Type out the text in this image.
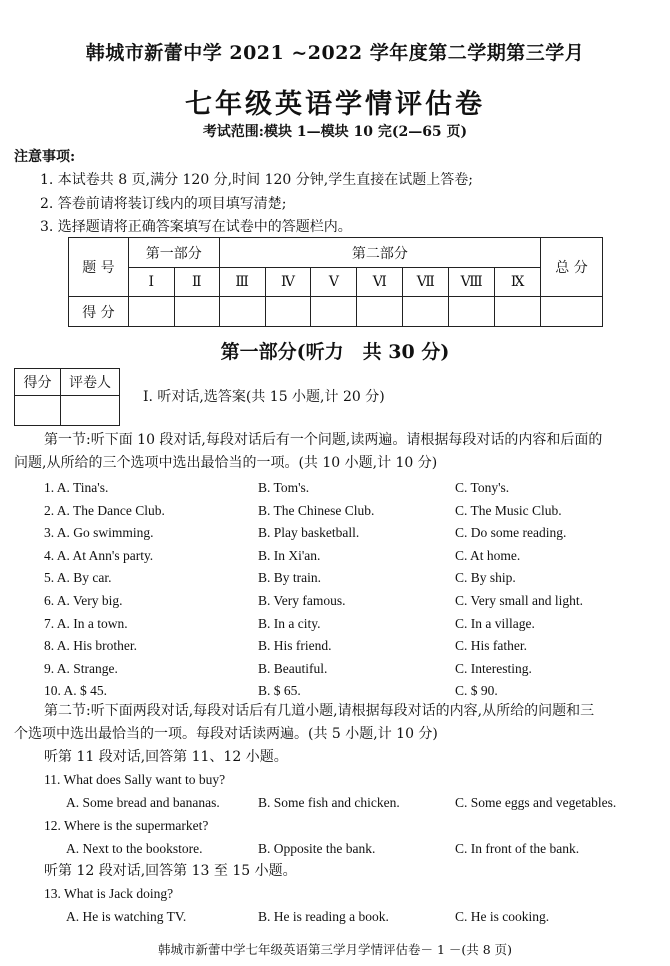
韩城市新蕾中学 2021 ~2022 学年度第二学期第三学月
七年级英语学情评估卷
考试范围:模块 1—模块 10 完(2—65 页)
注意事项:
1. 本试卷共 8 页,满分 120 分,时间 120 分钟,学生直接在试题上答卷;
2. 答卷前请将装订线内的项目填写清楚;
3. 选择题请将正确答案填写在试卷中的答题栏内。
题 号	第一部分		第二部分							总 分
	Ⅰ	Ⅱ	Ⅲ	Ⅳ	Ⅴ	Ⅵ	Ⅶ	Ⅷ	Ⅸ	
得 分										
第一部分(听力　共 30 分)
得分	评卷人

Ⅰ. 听对话,选答案(共 15 小题,计 20 分)
第一节:听下面 10 段对话,每段对话后有一个问题,读两遍。请根据每段对话的内容和后面的
问题,从所给的三个选项中选出最恰当的一项。(共 10 小题,计 10 分)
1. A. Tina's.	B. Tom's.	C. Tony's.
2. A. The Dance Club.	B. The Chinese Club.	C. The Music Club.
3. A. Go swimming.	B. Play basketball.	C. Do some reading.
4. A. At Ann's party.	B. In Xi'an.	C. At home.
5. A. By car.	B. By train.	C. By ship.
6. A. Very big.	B. Very famous.	C. Very small and light.
7. A. In a town.	B. In a city.	C. In a village.
8. A. His brother.	B. His friend.	C. His father.
9. A. Strange.	B. Beautiful.	C. Interesting.
10. A. $ 45.	B. $ 65.	C. $ 90.
第二节:听下面两段对话,每段对话后有几道小题,请根据每段对话的内容,从所给的问题和三
个选项中选出最恰当的一项。每段对话读两遍。(共 5 小题,计 10 分)
听第 11 段对话,回答第 11、12 小题。
11. What does Sally want to buy?
A. Some bread and bananas.	B. Some fish and chicken.	C. Some eggs and vegetables.
12. Where is the supermarket?
A. Next to the bookstore.	B. Opposite the bank.	C. In front of the bank.
听第 12 段对话,回答第 13 至 15 小题。
13. What is Jack doing?
A. He is watching TV.	B. He is reading a book.	C. He is cooking.
韩城市新蕾中学七年级英语第三学月学情评估卷－ 1 －(共 8 页)
